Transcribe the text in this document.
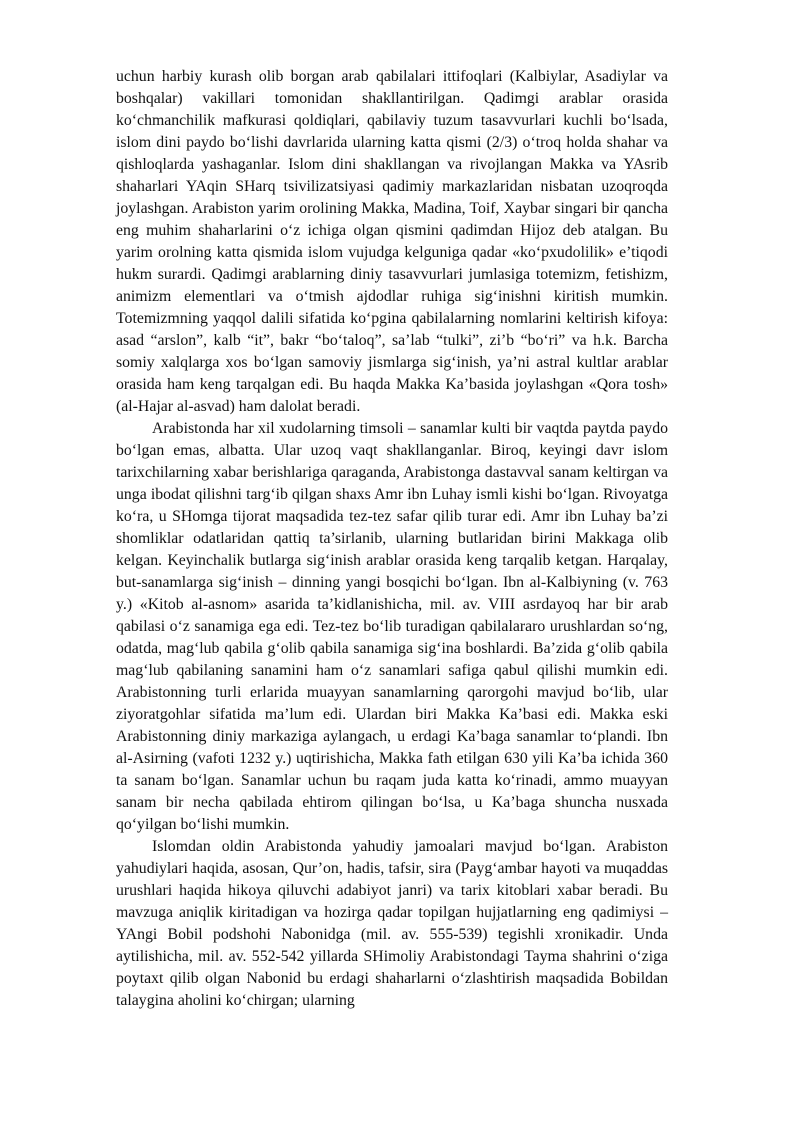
uchun harbiy kurash olib borgan arab qabilalari ittifoqlari (Kalbiylar, Asadiylar va boshqalar) vakillari tomonidan shakllantirilgan. Qadimgi arablar orasida koʻchmanchilik mafkurasi qoldiqlari, qabilaviy tuzum tasavvurlari kuchli boʻlsada, islom dini paydo boʻlishi davrlarida ularning katta qismi (2/3) oʻtroq holda shahar va qishloqlarda yashaganlar. Islom dini shakllangan va rivojlangan Makka va YAsrib shaharlari YAqin SHarq tsivilizatsiyasi qadimiy markazlaridan nisbatan uzoqroqda joylashgan. Arabiston yarim orolining Makka, Madina, Toif, Xaybar singari bir qancha eng muhim shaharlarini oʻz ichiga olgan qismini qadimdan Hijoz deb atalgan. Bu yarim orolning katta qismida islom vujudga kelguniga qadar «koʻpxudolilik» e’tiqodi hukm surardi. Qadimgi arablarning diniy tasavvurlari jumlasiga totemizm, fetishizm, animizm elementlari va oʻtmish ajdodlar ruhiga sigʻinishni kiritish mumkin. Totemizmning yaqqol dalili sifatida koʻpgina qabilalarning nomlarini keltirish kifoya: asad “arslon”, kalb “it”, bakr “boʻtaloq”, sa’lab “tulki”, zi’b “boʻri” va h.k. Barcha somiy xalqlarga xos boʻlgan samoviy jismlarga sigʻinish, ya’ni astral kultlar arablar orasida ham keng tarqalgan edi. Bu haqda Makka Ka’basida joylashgan «Qora tosh» (al-Hajar al-asvad) ham dalolat beradi.

Arabistonda har xil xudolarning timsoli – sanamlar kulti bir vaqtda paytda paydo boʻlgan emas, albatta. Ular uzoq vaqt shakllanganlar. Biroq, keyingi davr islom tarixchilarning xabar berishlariga qaraganda, Arabistonga dastavval sanam keltirgan va unga ibodat qilishni targʻib qilgan shaxs Amr ibn Luhay ismli kishi boʻlgan. Rivoyatga koʻra, u SHomga tijorat maqsadida tez-tez safar qilib turar edi. Amr ibn Luhay ba’zi shomliklar odatlaridan qattiq ta’sirlanib, ularning butlaridan birini Makkaga olib kelgan. Keyinchalik butlarga sigʻinish arablar orasida keng tarqalib ketgan. Harqalay, but-sanamlarga sigʻinish – dinning yangi bosqichi boʻlgan. Ibn al-Kalbiyning (v. 763 y.) «Kitob al-asnom» asarida ta’kidlanishicha, mil. av. VIII asrdayoq har bir arab qabilasi oʻz sanamiga ega edi. Tez-tez boʻlib turadigan qabilalararo urushlardan soʻng, odatda, magʻlub qabila gʻolib qabila sanamiga sigʻina boshlardi. Ba’zida gʻolib qabila magʻlub qabilaning sanamini ham oʻz sanamlari safiga qabul qilishi mumkin edi. Arabistonning turli erlarida muayyan sanamlarning qarorgohi mavjud boʻlib, ular ziyoratgohlar sifatida ma’lum edi. Ulardan biri Makka Ka’basi edi. Makka eski Arabistonning diniy markaziga aylangach, u erdagi Ka’baga sanamlar toʻplandi. Ibn al-Asirning (vafoti 1232 y.) uqtirishicha, Makka fath etilgan 630 yili Ka’ba ichida 360 ta sanam boʻlgan. Sanamlar uchun bu raqam juda katta koʻrinadi, ammo muayyan sanam bir necha qabilada ehtirom qilingan boʻlsa, u Ka’baga shuncha nusxada qoʻyilgan boʻlishi mumkin.

Islomdan oldin Arabistonda yahudiy jamoalari mavjud boʻlgan. Arabiston yahudiylari haqida, asosan, Qur’on, hadis, tafsir, sira (Paygʻambar hayoti va muqaddas urushlari haqida hikoya qiluvchi adabiyot janri) va tarix kitoblari xabar beradi. Bu mavzuga aniqlik kiritadigan va hozirga qadar topilgan hujjatlarning eng qadimiysi – YAngi Bobil podshohi Nabonidga (mil. av. 555-539) tegishli xronikadir. Unda aytilishicha, mil. av. 552-542 yillarda SHimoliy Arabistondagi Tayma shahrini oʻziga poytaxt qilib olgan Nabonid bu erdagi shaharlarni oʻzlashtirish maqsadida Bobildan talayginа aholini koʻchirgan; ularning
